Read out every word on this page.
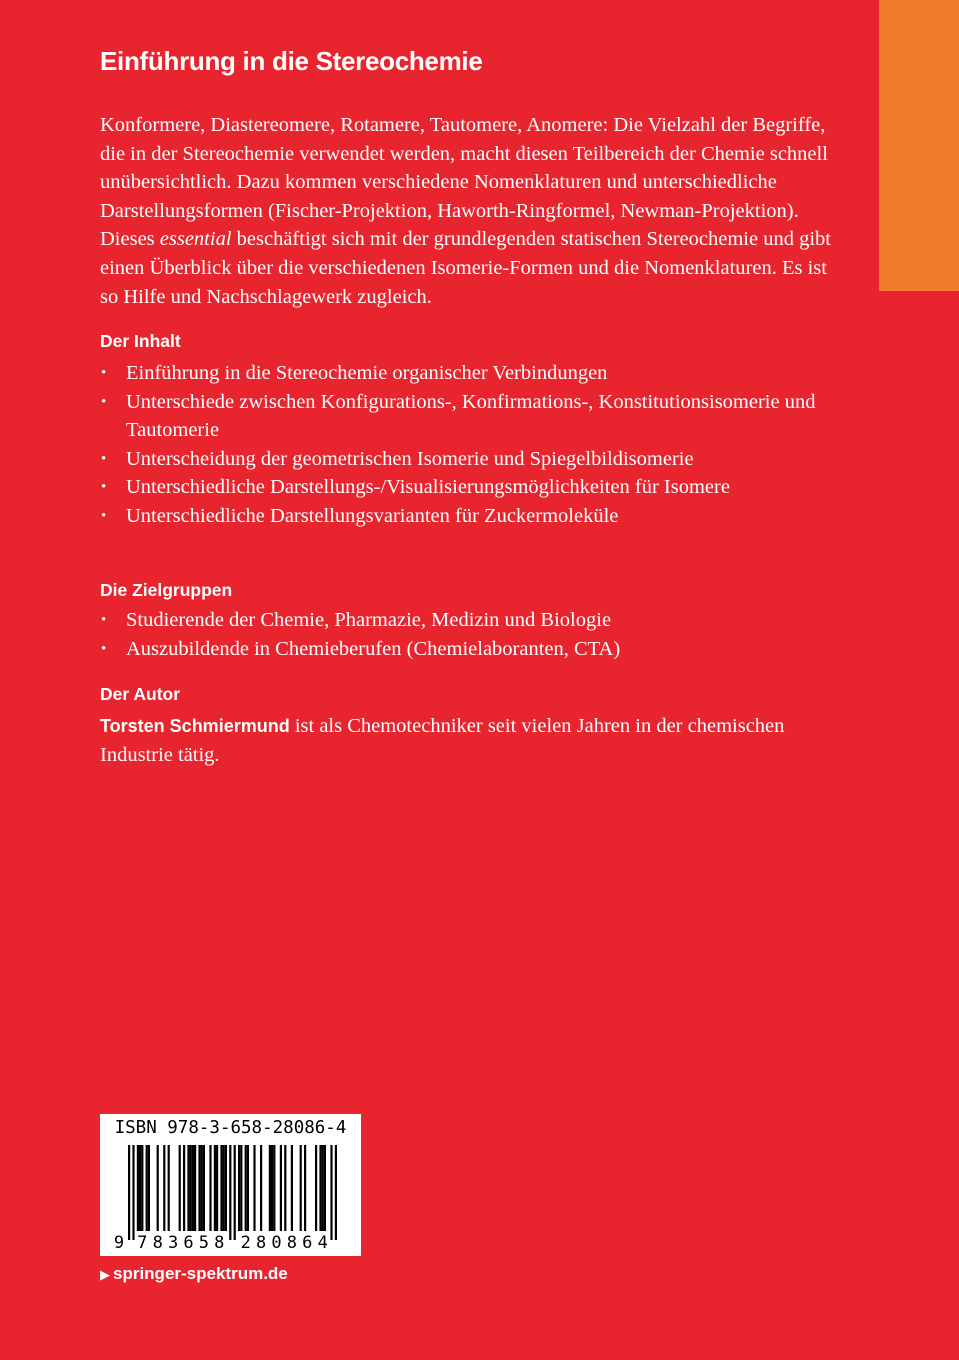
Einführung in die Stereochemie

Konformere, Diastereomere, Rotamere, Tautomere, Anomere: Die Vielzahl der Begriffe, die in der Stereochemie verwendet werden, macht diesen Teilbereich der Chemie schnell unübersichtlich. Dazu kommen verschiedene Nomenklaturen und unterschiedliche Darstellungsformen (Fischer-Projektion, Haworth-Ringformel, Newman-Projektion). Dieses essential beschäftigt sich mit der grundlegenden statischen Stereochemie und gibt einen Überblick über die verschiedenen Isomerie-Formen und die Nomenklaturen. Es ist so Hilfe und Nachschlagewerk zugleich.

Der Inhalt
• Einführung in die Stereochemie organischer Verbindungen
• Unterschiede zwischen Konfigurations-, Konfirmations-, Konstitutionsisomerie und Tautomerie
• Unterscheidung der geometrischen Isomerie und Spiegelbildisomerie
• Unterschiedliche Darstellungs-/Visualisierungsmöglichkeiten für Isomere
• Unterschiedliche Darstellungsvarianten für Zuckermoleküle
Die Zielgruppen
• Studierende der Chemie, Pharmazie, Medizin und Biologie
• Auszubildende in Chemieberufen (Chemielaboranten, CTA)
Der Autor

Torsten Schmiermund ist als Chemotechniker seit vielen Jahren in der chemischen Industrie tätig.

ISBN 978-3-658-28086-4
9 7 8 3 6 5 8 2 8 0 8 6 4

▶ springer-spektrum.de
